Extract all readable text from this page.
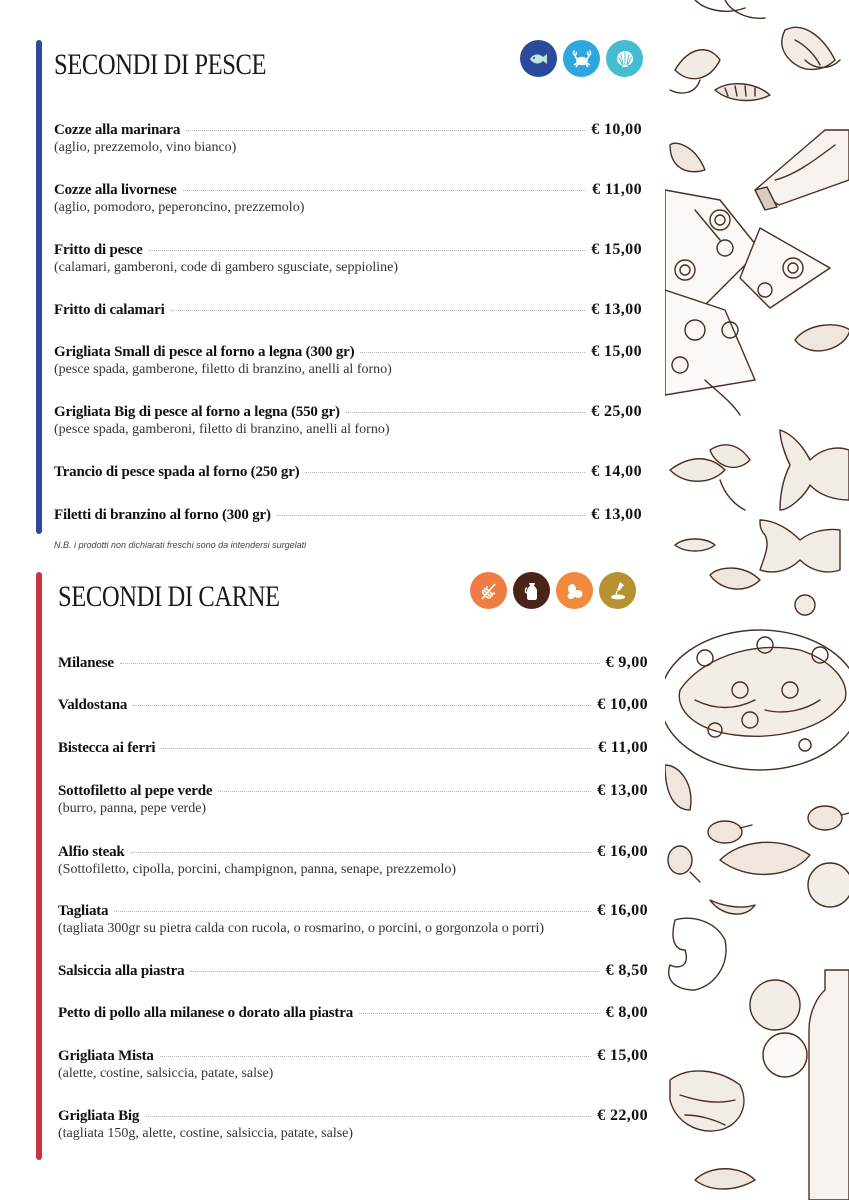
SECONDI DI PESCE
Cozze alla marinara	€ 10,00
(aglio, prezzemolo, vino bianco)
Cozze alla livornese	€ 11,00
(aglio, pomodoro, peperoncino, prezzemolo)
Fritto di pesce	€ 15,00
(calamari, gamberoni, code di gambero sgusciate, seppioline)
Fritto di calamari	€ 13,00
Grigliata Small di pesce al forno a legna (300 gr)	€ 15,00
(pesce spada, gamberone, filetto di branzino, anelli al forno)
Grigliata Big di pesce al forno a legna (550 gr)	€ 25,00
(pesce spada, gamberoni, filetto di branzino, anelli al forno)
Trancio di pesce spada al forno (250 gr)	€ 14,00
Filetti di branzino al forno (300 gr)	€ 13,00
N.B. i prodotti non dichiarati freschi sono da intendersi surgelati
SECONDI DI CARNE
Milanese	€ 9,00
Valdostana	€ 10,00
Bistecca ai ferri	€ 11,00
Sottofiletto al pepe verde	€ 13,00
(burro, panna, pepe verde)
Alfio steak	€ 16,00
(Sottofiletto, cipolla, porcini, champignon, panna, senape, prezzemolo)
Tagliata	€ 16,00
(tagliata 300gr su pietra calda con rucola, o rosmarino, o porcini, o gorgonzola o porri)
Salsiccia alla piastra	€ 8,50
Petto di pollo alla milanese o dorato alla piastra	€ 8,00
Grigliata Mista	€ 15,00
(alette, costine, salsiccia, patate, salse)
Grigliata Big	€ 22,00
(tagliata 150g, alette, costine, salsiccia, patate, salse)
